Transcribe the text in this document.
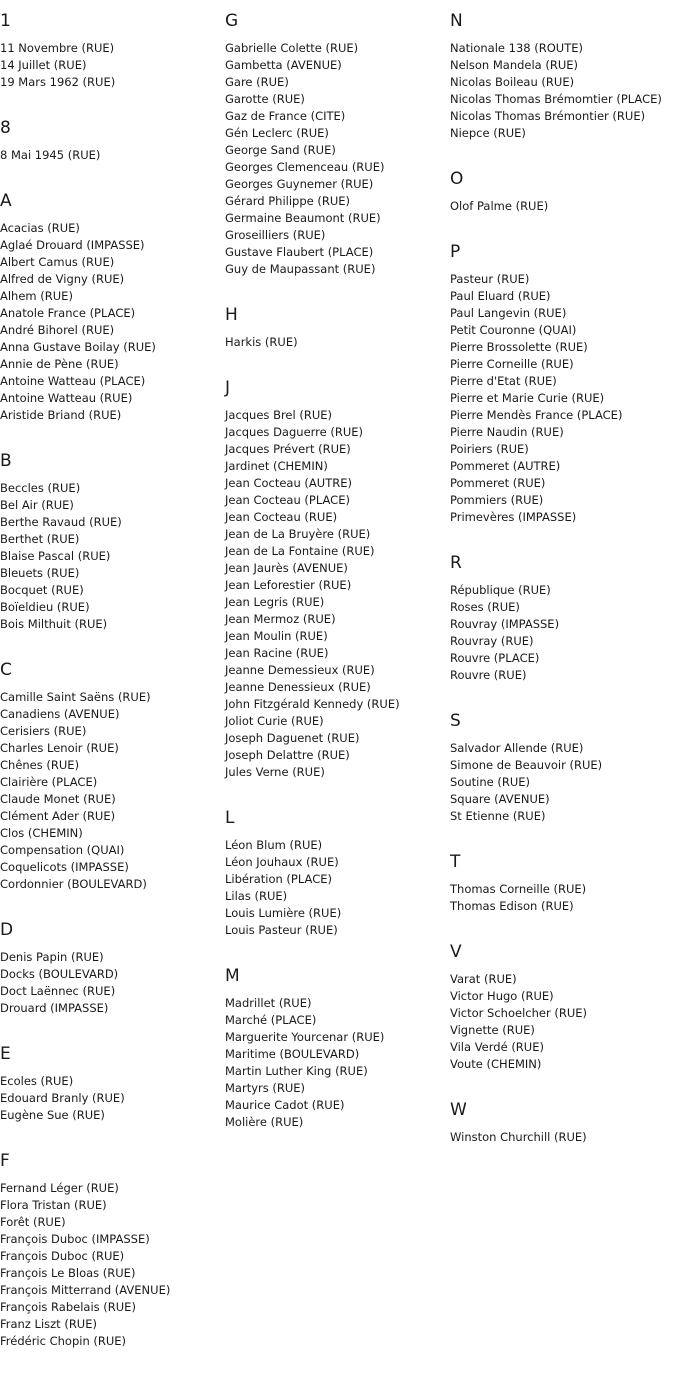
1
11 Novembre (RUE)
14 Juillet (RUE)
19 Mars 1962 (RUE)
8
8 Mai 1945 (RUE)
A
Acacias (RUE)
Aglaé Drouard (IMPASSE)
Albert Camus (RUE)
Alfred de Vigny (RUE)
Alhem (RUE)
Anatole France (PLACE)
André Bihorel (RUE)
Anna Gustave Boilay (RUE)
Annie de Pène (RUE)
Antoine Watteau (PLACE)
Antoine Watteau (RUE)
Aristide Briand (RUE)
B
Beccles (RUE)
Bel Air (RUE)
Berthe Ravaud (RUE)
Berthet (RUE)
Blaise Pascal (RUE)
Bleuets (RUE)
Bocquet (RUE)
Boïeldieu (RUE)
Bois Milthuit (RUE)
C
Camille Saint Saëns (RUE)
Canadiens (AVENUE)
Cerisiers (RUE)
Charles Lenoir (RUE)
Chênes (RUE)
Clairière (PLACE)
Claude Monet (RUE)
Clément Ader (RUE)
Clos (CHEMIN)
Compensation (QUAI)
Coquelicots (IMPASSE)
Cordonnier (BOULEVARD)
D
Denis Papin (RUE)
Docks (BOULEVARD)
Doct Laënnec (RUE)
Drouard (IMPASSE)
E
Ecoles (RUE)
Edouard Branly (RUE)
Eugène Sue (RUE)
F
Fernand Léger (RUE)
Flora Tristan (RUE)
Forêt (RUE)
François Duboc (IMPASSE)
François Duboc (RUE)
François Le Bloas (RUE)
François Mitterrand (AVENUE)
François Rabelais (RUE)
Franz Liszt (RUE)
Frédéric Chopin (RUE)
G
Gabrielle Colette (RUE)
Gambetta (AVENUE)
Gare (RUE)
Garotte (RUE)
Gaz de France (CITE)
Gén Leclerc (RUE)
George Sand (RUE)
Georges Clemenceau (RUE)
Georges Guynemer (RUE)
Gérard Philippe (RUE)
Germaine Beaumont (RUE)
Groseilliers (RUE)
Gustave Flaubert (PLACE)
Guy de Maupassant (RUE)
H
Harkis (RUE)
J
Jacques Brel (RUE)
Jacques Daguerre (RUE)
Jacques Prévert (RUE)
Jardinet (CHEMIN)
Jean Cocteau (AUTRE)
Jean Cocteau (PLACE)
Jean Cocteau (RUE)
Jean de La Bruyère (RUE)
Jean de La Fontaine (RUE)
Jean Jaurès (AVENUE)
Jean Leforestier (RUE)
Jean Legris (RUE)
Jean Mermoz (RUE)
Jean Moulin (RUE)
Jean Racine (RUE)
Jeanne Demessieux (RUE)
Jeanne Denessieux (RUE)
John Fitzgérald Kennedy (RUE)
Joliot Curie (RUE)
Joseph Daguenet (RUE)
Joseph Delattre (RUE)
Jules Verne (RUE)
L
Léon Blum (RUE)
Léon Jouhaux (RUE)
Libération (PLACE)
Lilas (RUE)
Louis Lumière (RUE)
Louis Pasteur (RUE)
M
Madrillet (RUE)
Marché (PLACE)
Marguerite Yourcenar (RUE)
Maritime (BOULEVARD)
Martin Luther King (RUE)
Martyrs (RUE)
Maurice Cadot (RUE)
Molière (RUE)
N
Nationale 138 (ROUTE)
Nelson Mandela (RUE)
Nicolas Boileau (RUE)
Nicolas Thomas Brémomtier (PLACE)
Nicolas Thomas Brémontier (RUE)
Niepce (RUE)
O
Olof Palme (RUE)
P
Pasteur (RUE)
Paul Eluard (RUE)
Paul Langevin (RUE)
Petit Couronne (QUAI)
Pierre Brossolette (RUE)
Pierre Corneille (RUE)
Pierre d'Etat (RUE)
Pierre et Marie Curie (RUE)
Pierre Mendès France (PLACE)
Pierre Naudin (RUE)
Poiriers (RUE)
Pommeret (AUTRE)
Pommeret (RUE)
Pommiers (RUE)
Primevères (IMPASSE)
R
République (RUE)
Roses (RUE)
Rouvray (IMPASSE)
Rouvray (RUE)
Rouvre (PLACE)
Rouvre (RUE)
S
Salvador Allende (RUE)
Simone de Beauvoir (RUE)
Soutine (RUE)
Square (AVENUE)
St Etienne (RUE)
T
Thomas Corneille (RUE)
Thomas Edison (RUE)
V
Varat (RUE)
Victor Hugo (RUE)
Victor Schoelcher (RUE)
Vignette (RUE)
Vila Verdé (RUE)
Voute (CHEMIN)
W
Winston Churchill (RUE)
